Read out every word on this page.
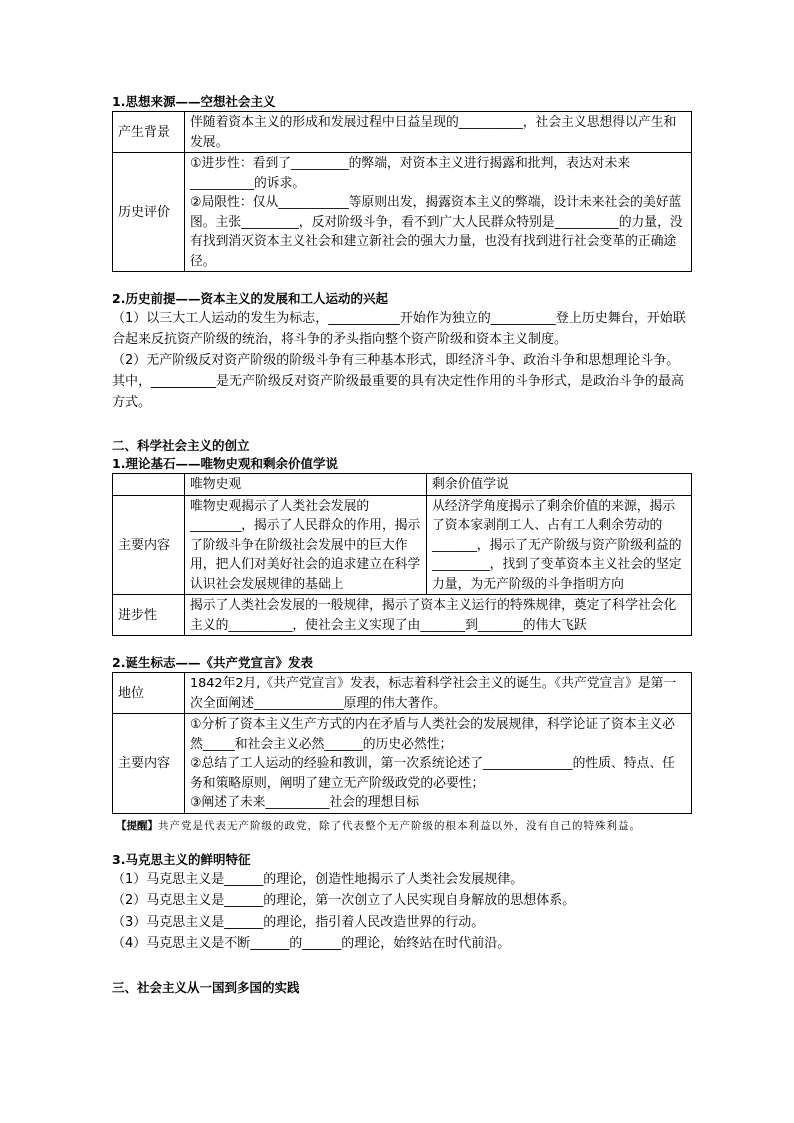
1.思想来源——空想社会主义

产生背景	伴随着资本主义的形成和发展过程中日益呈现的__________，社会主义思想得以产生和发展。
历史评价	①进步性：看到了_________的弊端，对资本主义进行揭露和批判，表达对未来__________的诉求。
②局限性：仅从___________等原则出发，揭露资本主义的弊端，设计未来社会的美好蓝图。主张_________，反对阶级斗争，看不到广大人民群众特别是__________的力量，没有找到消灭资本主义社会和建立新社会的强大力量，也没有找到进行社会变革的正确途径。

2.历史前提——资本主义的发展和工人运动的兴起

（1）以三大工人运动的发生为标志，___________开始作为独立的__________登上历史舞台，开始联合起来反抗资产阶级的统治，将斗争的矛头指向整个资产阶级和资本主义制度。

（2）无产阶级反对资产阶级的阶级斗争有三种基本形式，即经济斗争、政治斗争和思想理论斗争。其中，__________是无产阶级反对资产阶级最重要的具有决定性作用的斗争形式，是政治斗争的最高方式。

二、科学社会主义的创立

1.理论基石——唯物史观和剩余价值学说

	唯物史观	剩余价值学说
主要内容	唯物史观揭示了人类社会发展的________，揭示了人民群众的作用，揭示了阶级斗争在阶级社会发展中的巨大作用，把人们对美好社会的追求建立在科学认识社会发展规律的基础上	从经济学角度揭示了剩余价值的来源，揭示了资本家剥削工人、占有工人剩余劳动的_______，揭示了无产阶级与资产阶级利益的_________，找到了变革资本主义社会的坚定力量，为无产阶级的斗争指明方向
进步性	揭示了人类社会发展的一般规律，揭示了资本主义运行的特殊规律，奠定了科学社会化主义的__________，使社会主义实现了由_______到_______的伟大飞跃	

2.诞生标志——《共产党宣言》发表

地位	1842年2月,《共产党宣言》发表，标志着科学社会主义的诞生。《共产党宣言》是第一次全面阐述______________原理的伟大著作。
主要内容	①分析了资本主义生产方式的内在矛盾与人类社会的发展规律，科学论证了资本主义必然_____和社会主义必然______的历史必然性；
②总结了工人运动的经验和教训，第一次系统论述了______________的性质、特点、任务和策略原则，阐明了建立无产阶级政党的必要性；
③阐述了未来__________社会的理想目标

【提醒】共产党是代表无产阶级的政党，除了代表整个无产阶级的根本利益以外，没有自己的特殊利益。

3.马克思主义的鲜明特征

（1）马克思主义是______的理论，创造性地揭示了人类社会发展规律。

（2）马克思主义是______的理论，第一次创立了人民实现自身解放的思想体系。

（3）马克思主义是______的理论，指引着人民改造世界的行动。

（4）马克思主义是不断______的______的理论，始终站在时代前沿。

三、社会主义从一国到多国的实践
